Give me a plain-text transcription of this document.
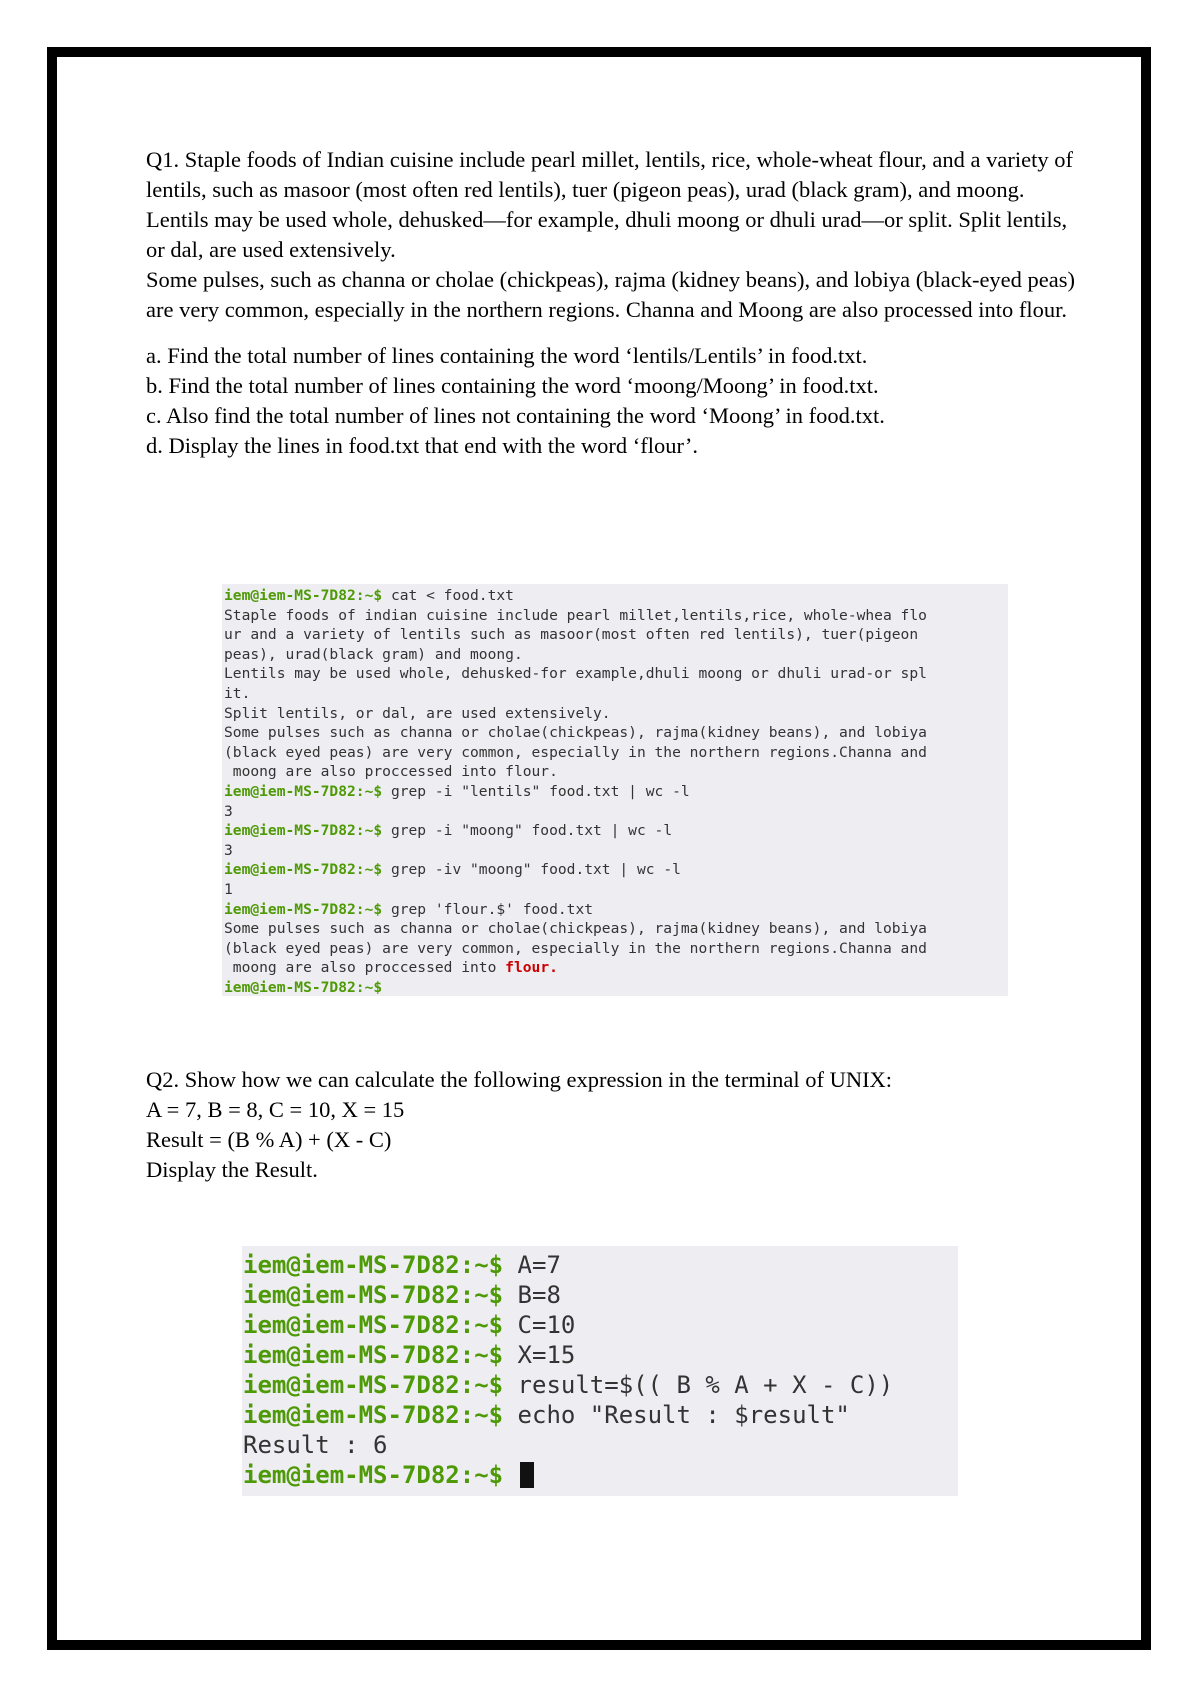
Q1. Staple foods of Indian cuisine include pearl millet, lentils, rice, whole-wheat flour, and a variety of lentils, such as masoor (most often red lentils), tuer (pigeon peas), urad (black gram), and moong.

Lentils may be used whole, dehusked—for example, dhuli moong or dhuli urad—or split. Split lentils, or dal, are used extensively.

Some pulses, such as channa or cholae (chickpeas), rajma (kidney beans), and lobiya (black-eyed peas) are very common, especially in the northern regions. Channa and Moong are also processed into flour.

a. Find the total number of lines containing the word ‘lentils/Lentils’ in food.txt.

b. Find the total number of lines containing the word ‘moong/Moong’ in food.txt.

c. Also find the total number of lines not containing the word ‘Moong’ in food.txt.

d. Display the lines in food.txt that end with the word ‘flour’.

iem@iem-MS-7D82:~$ cat < food.txt
Staple foods of indian cuisine include pearl millet,lentils,rice, whole-whea flo
ur and a variety of lentils such as masoor(most often red lentils), tuer(pigeon
peas), urad(black gram) and moong.
Lentils may be used whole, dehusked-for example,dhuli moong or dhuli urad-or spl
it.
Split lentils, or dal, are used extensively.
Some pulses such as channa or cholae(chickpeas), rajma(kidney beans), and lobiya
(black eyed peas) are very common, especially in the northern regions.Channa and
moong are also proccessed into flour.
iem@iem-MS-7D82:~$ grep -i "lentils" food.txt | wc -l
3
iem@iem-MS-7D82:~$ grep -i "moong" food.txt | wc -l
3
iem@iem-MS-7D82:~$ grep -iv "moong" food.txt | wc -l
1
iem@iem-MS-7D82:~$ grep 'flour.$' food.txt
Some pulses such as channa or cholae(chickpeas), rajma(kidney beans), and lobiya
(black eyed peas) are very common, especially in the northern regions.Channa and
moong are also proccessed into flour.
iem@iem-MS-7D82:~$

Q2. Show how we can calculate the following expression in the terminal of UNIX:

A = 7, B = 8, C = 10, X = 15

Result = (B % A) + (X - C)

Display the Result.

iem@iem-MS-7D82:~$ A=7
iem@iem-MS-7D82:~$ B=8
iem@iem-MS-7D82:~$ C=10
iem@iem-MS-7D82:~$ X=15
iem@iem-MS-7D82:~$ result=$(( B % A + X - C))
iem@iem-MS-7D82:~$ echo "Result : $result"
Result : 6
iem@iem-MS-7D82:~$
